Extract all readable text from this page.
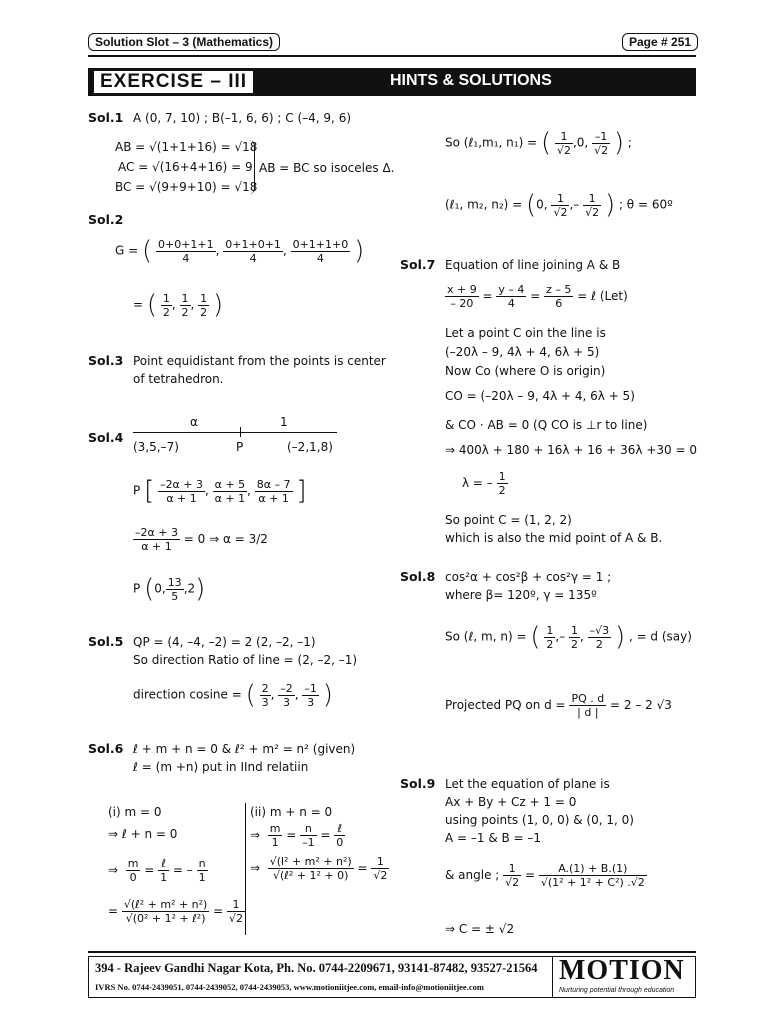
Solution Slot – 3 (Mathematics)	Page # 251
EXERCISE – III	HINTS & SOLUTIONS
Sol.1 A (0, 7, 10) ; B(–1, 6, 6) ; C (–4, 9, 6)
AB = √(1+1+16) = √18
AC = √(16+4+16) = 9
BC = √(9+9+10) = √18
AB = BC so isoceles Δ.
Sol.2
G = ( $\frac{0+0+1+1}{4}$ , $\frac{0+1+0+1}{4}$ , $\frac{0+1+1+0}{4}$ )
= ( $\frac{1}{2}$ , $\frac{1}{2}$ , $\frac{1}{2}$ )
Sol.3 Point equidistant from the points is center
of tetrahedron.
Sol.4
α	1
(3,5,–7)	P	(–2,1,8)
P [ $\frac{-2\alpha + 3}{\alpha + 1}$ , $\frac{\alpha + 5}{\alpha + 1}$ , $\frac{8\alpha - 7}{\alpha + 1}$ ]
$\frac{-2\alpha + 3}{\alpha + 1} = 0$ ⇒ α = 3/2
P (0, $\frac{13}{5} ,2$)
Sol.5 QP = (4, –4, –2) = 2 (2, –2, –1)
So direction Ratio of line = (2, –2, –1)
direction cosine = ( $\frac{2}{3}$ , $\frac{-2}{3}$ , $\frac{-1}{3}$ )
Sol.6 ℓ + m + n = 0 & ℓ² + m² = n² (given)
ℓ = (m +n) put in IInd relatiin
(i) m = 0
⇒ ℓ + n = 0
⇒ $\frac{m}{0} = \frac{\text{ℓ}}{1}$ = – $\frac{n}{1}$
= $\frac{\text{√(ℓ² + m² + n²)}}{\text{√(0² + 1² + ℓ²)}} = \frac{1}{√2}$
(ii) m + n = 0
⇒ $\frac{m}{1} = \frac{n}{-1} = \frac{\text{ℓ}}{0}$
⇒ $\frac{\text{√(l² + m² + n²)}}{\text{√(ℓ² + 1² + 0)}} = \frac{1}{√2}$
So (ℓ₁,m₁, n₁) = ( $\frac{1}{√2} ,0$, $\frac{-1}{√2}$ ) ;
(ℓ₁, m₂, n₂) = (0, $\frac{1}{√2}$ ,– $\frac{1}{√2}$ ) ; θ = 60º
Sol.7 Equation of line joining A & B
$\frac{x + 9}{- 20} = \frac{y - 4}{4} = \frac{z - 5}{6}$ = ℓ (Let)
Let a point C oin the line is
(–20λ – 9, 4λ + 4, 6λ + 5)
Now Co (where O is origin)
CO = (–20λ – 9, 4λ + 4, 6λ + 5)
& CO · AB = 0 (Q CO is ⊥r to line)
⇒ 400λ + 180 + 16λ + 16 + 36λ +30 = 0
λ = – $\frac{1}{2}$
So point C = (1, 2, 2)
which is also the mid point of A & B.
Sol.8 cos²α + cos²β + cos²γ = 1 ;
where β= 120º, γ = 135º
So (ℓ, m, n) = ( $\frac{1}{2}$ ,– $\frac{1}{2}$ , $\frac{-√3}{2}$ ) , = d (say)
Projected PQ on $d = \frac{PQ . d}{| d |} = 2 - 2$ √3
Sol.9 Let the equation of plane is
Ax + By + Cz + 1 = 0
using points (1, 0, 0) & (0, 1, 0)
A = –1 & B = –1
& angle ; $\frac{1}{√2} = \frac{A.(1) + B.(1)}{\text{√(1² + 1² + C²) .√2}}$
⇒ C = ± √2
394 - Rajeev Gandhi Nagar Kota, Ph. No. 0744-2209671, 93141-87482, 93527-21564
IVRS No. 0744-2439051, 0744-2439052, 0744-2439053, www.motioniitjee.com, email-info@motioniitjee.com
MOTION
Nurturing potential through education
